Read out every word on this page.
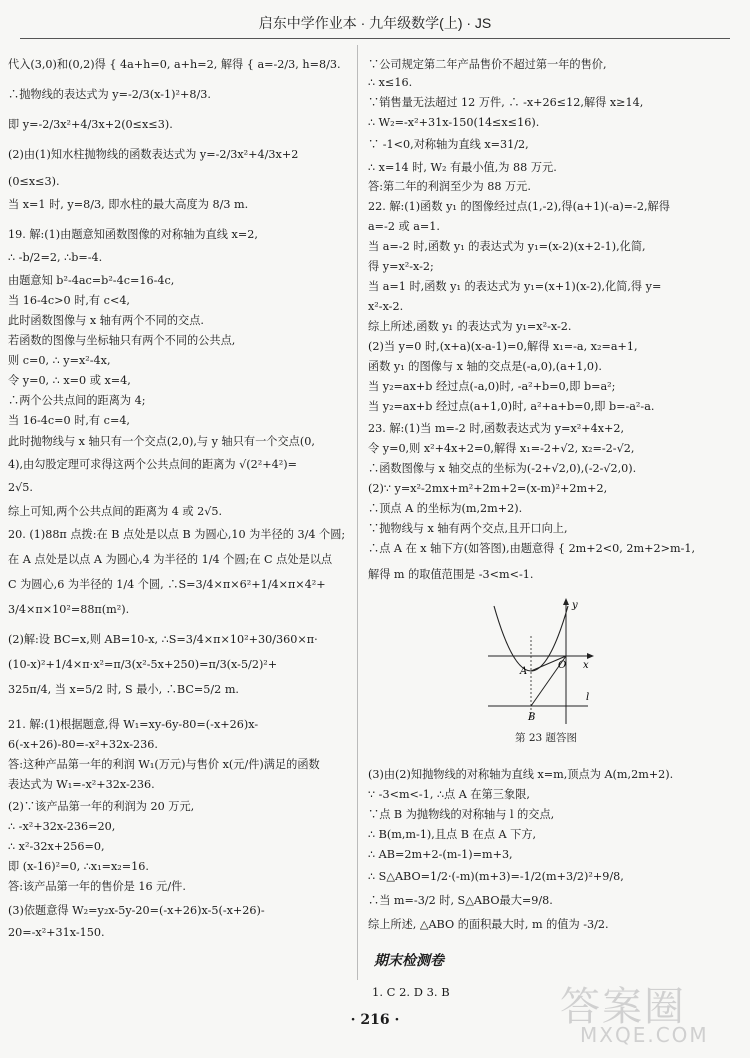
启东中学作业本 · 九年级数学(上) · JS
代入(3,0)和(0,2)得 { 4a+h=0, a+h=2, 解得 { a=-2/3, h=8/3.
∴抛物线的表达式为 y=-2/3(x-1)²+8/3.
即 y=-2/3x²+4/3x+2(0≤x≤3).
(2)由(1)知水柱抛物线的函数表达式为 y=-2/3x²+4/3x+2
(0≤x≤3).
当 x=1 时, y=8/3, 即水柱的最大高度为 8/3 m.
19. 解:(1)由题意知函数图像的对称轴为直线 x=2,
∴ -b/2=2, ∴b=-4.
由题意知 b²-4ac=b²-4c=16-4c,
当 16-4c>0 时,有 c<4,
此时函数图像与 x 轴有两个不同的交点.
若函数的图像与坐标轴只有两个不同的公共点,
则 c=0, ∴ y=x²-4x,
令 y=0, ∴ x=0 或 x=4,
∴两个公共点间的距离为 4;
当 16-4c=0 时,有 c=4,
此时抛物线与 x 轴只有一个交点(2,0),与 y 轴只有一个交点(0,
4),由勾股定理可求得这两个公共点间的距离为 √(2²+4²)=
2√5.
综上可知,两个公共点间的距离为 4 或 2√5.
20. (1)88π 点拨:在 B 点处是以点 B 为圆心,10 为半径的 3/4 个圆;
在 A 点处是以点 A 为圆心,4 为半径的 1/4 个圆;在 C 点处是以点
C 为圆心,6 为半径的 1/4 个圆, ∴S=3/4×π×6²+1/4×π×4²+
3/4×π×10²=88π(m²).
(2)解:设 BC=x,则 AB=10-x, ∴S=3/4×π×10²+30/360×π·
(10-x)²+1/4×π·x²=π/3(x²-5x+250)=π/3(x-5/2)²+
325π/4, 当 x=5/2 时, S 最小, ∴BC=5/2 m.
21. 解:(1)根据题意,得 W₁=xy-6y-80=(-x+26)x-
6(-x+26)-80=-x²+32x-236.
答:这种产品第一年的利润 W₁(万元)与售价 x(元/件)满足的函数
表达式为 W₁=-x²+32x-236.
(2)∵该产品第一年的利润为 20 万元,
∴ -x²+32x-236=20,
∴ x²-32x+256=0,
即 (x-16)²=0, ∴x₁=x₂=16.
答:该产品第一年的售价是 16 元/件.
(3)依题意得 W₂=y₂x-5y-20=(-x+26)x-5(-x+26)-
20=-x²+31x-150.
∵公司规定第二年产品售价不超过第一年的售价,
∴ x≤16.
∵销售量无法超过 12 万件, ∴ -x+26≤12,解得 x≥14,
∴ W₂=-x²+31x-150(14≤x≤16).
∵ -1<0,对称轴为直线 x=31/2,
∴ x=14 时, W₂ 有最小值,为 88 万元.
答:第二年的利润至少为 88 万元.
22. 解:(1)函数 y₁ 的图像经过点(1,-2),得(a+1)(-a)=-2,解得
a=-2 或 a=1.
当 a=-2 时,函数 y₁ 的表达式为 y₁=(x-2)(x+2-1),化简,
得 y=x²-x-2;
当 a=1 时,函数 y₁ 的表达式为 y₁=(x+1)(x-2),化简,得 y=
x²-x-2.
综上所述,函数 y₁ 的表达式为 y₁=x²-x-2.
(2)当 y=0 时,(x+a)(x-a-1)=0,解得 x₁=-a, x₂=a+1,
函数 y₁ 的图像与 x 轴的交点是(-a,0),(a+1,0).
当 y₂=ax+b 经过点(-a,0)时, -a²+b=0,即 b=a²;
当 y₂=ax+b 经过点(a+1,0)时, a²+a+b=0,即 b=-a²-a.
23. 解:(1)当 m=-2 时,函数表达式为 y=x²+4x+2,
令 y=0,则 x²+4x+2=0,解得 x₁=-2+√2, x₂=-2-√2,
∴函数图像与 x 轴交点的坐标为(-2+√2,0),(-2-√2,0).
(2)∵ y=x²-2mx+m²+2m+2=(x-m)²+2m+2,
∴顶点 A 的坐标为(m,2m+2).
∵抛物线与 x 轴有两个交点,且开口向上,
∴点 A 在 x 轴下方(如答图),由题意得 { 2m+2<0, 2m+2>m-1,
解得 m 的取值范围是 -3<m<-1.
(3)由(2)知抛物线的对称轴为直线 x=m,顶点为 A(m,2m+2).
∵ -3<m<-1, ∴点 A 在第三象限,
∵点 B 为抛物线的对称轴与 l 的交点,
∴ B(m,m-1),且点 B 在点 A 下方,
∴ AB=2m+2-(m-1)=m+3,
∴ S△ABO=1/2·(-m)(m+3)=-1/2(m+3/2)²+9/8,
∴当 m=-3/2 时, S△ABO最大=9/8.
综上所述, △ABO 的面积最大时, m 的值为 -3/2.
y
x
O
A
B
l
第 23 题答图
期末检测卷
1. C 2. D 3. B
· 216 ·	答案圈
MXQE.COM
